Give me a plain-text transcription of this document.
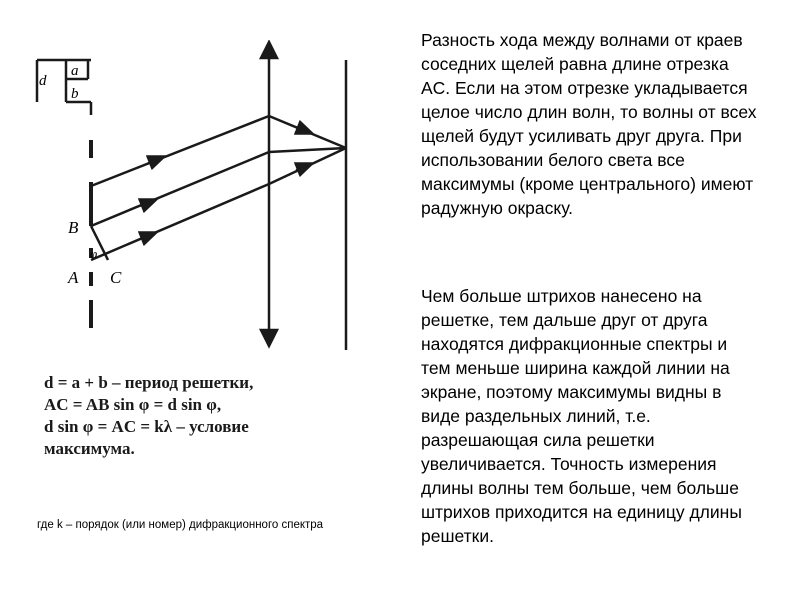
d
a
b
B
A C
φ
d = a + b – период решетки,
AC = AB sin φ = d sin φ,
d sin φ = AC = kλ – условие
максимума.
где k – порядок (или номер) дифракционного спектра
Разность хода между волнами от краев соседних щелей равна длине отрезка AC. Если на этом отрезке укладывается целое число длин волн, то волны от всех щелей будут усиливать друг друга. При использовании белого света все максимумы (кроме центрального) имеют радужную окраску.
Чем больше штрихов нанесено на решетке, тем дальше друг от друга находятся дифракционные спектры и тем меньше ширина каждой линии на экране, поэтому максимумы видны в виде раздельных линий, т.е. разрешающая сила решетки увеличивается. Точность измерения длины волны тем больше, чем больше штрихов приходится на единицу длины решетки.
